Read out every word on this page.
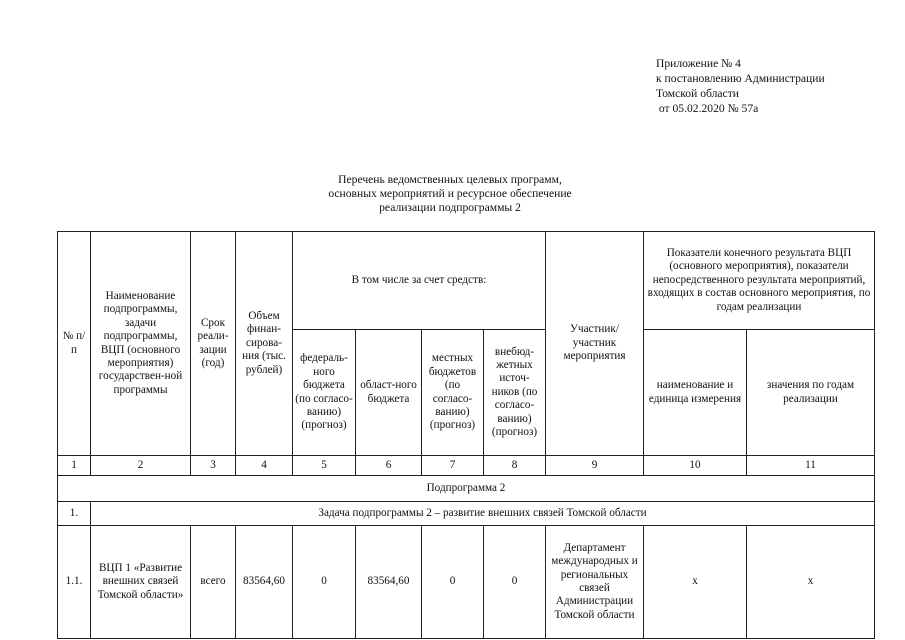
Приложение № 4
к постановлению Администрации
Томской области
от 05.02.2020 № 57а
Перечень ведомственных целевых программ,
основных мероприятий и ресурсное обеспечение
реализации подпрограммы 2
№ п/п	Наименование подпрограммы, задачи подпрограммы, ВЦП (основного мероприятия) государствен-ной программы	Срок реали-зации (год)	Объем финан-сирова-ния (тыс. рублей)	В том числе за счет средств:				Участник/ участник мероприятия	Показатели конечного результата ВЦП (основного мероприятия), показатели непосредственного результата мероприятий, входящих в состав основного мероприятия, по годам реализации	
				федераль-ного бюджета (по согласо-ванию) (прогноз)	област-ного бюджета	местных бюджетов (по согласо-ванию) (прогноз)	внебюд-жетных источ-ников (по согласо-ванию) (прогноз)		наименование и единица измерения	значения по годам реализации
1	2	3	4	5	6	7	8	9	10	11
Подпрограмма 2										
1.	Задача подпрограммы 2 – развитие внешних связей Томской области									
1.1.	ВЦП 1 «Развитие внешних связей Томской области»	всего	83564,60	0	83564,60	0	0	Департамент международных и региональных связей Администрации Томской области	x	x
